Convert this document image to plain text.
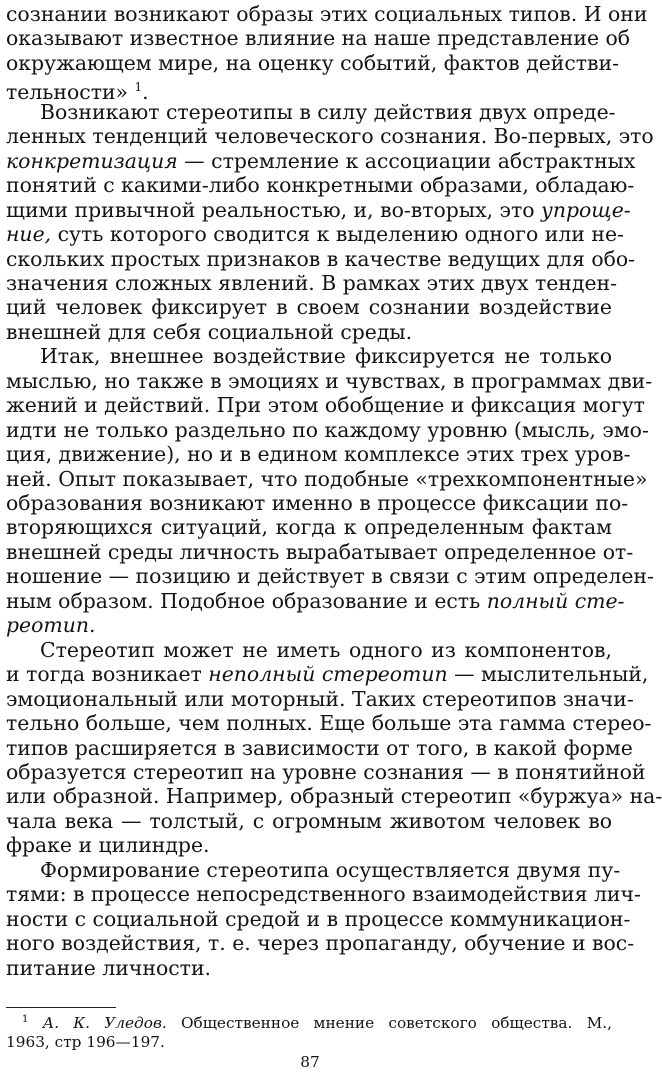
сознании возникают образы этих социальных типов. И они
оказывают известное влияние на наше представление об
окружающем мире, на оценку событий, фактов действи-
тельности» $^1$.
Возникают стереотипы в силу действия двух опреде-
ленных тенденций человеческого сознания. Во-первых, это
конкретизация — стремление к ассоциации абстрактных
понятий с какими-либо конкретными образами, обладаю-
щими привычной реальностью, и, во-вторых, это упроще-
ние, суть которого сводится к выделению одного или не-
скольких простых признаков в качестве ведущих для обо-
значения сложных явлений. В рамках этих двух тенден-
ций человек фиксирует в своем сознании воздействие
внешней для себя социальной среды.
Итак, внешнее воздействие фиксируется не только
мыслью, но также в эмоциях и чувствах, в программах дви-
жений и действий. При этом обобщение и фиксация могут
идти не только раздельно по каждому уровню (мысль, эмо-
ция, движение), но и в едином комплексе этих трех уров-
ней. Опыт показывает, что подобные «трехкомпонентные»
образования возникают именно в процессе фиксации по-
вторяющихся ситуаций, когда к определенным фактам
внешней среды личность вырабатывает определенное от-
ношение — позицию и действует в связи с этим определен-
ным образом. Подобное образование и есть полный сте-
реотип.
Стереотип может не иметь одного из компонентов,
и тогда возникает неполный стереотип — мыслительный,
эмоциональный или моторный. Таких стереотипов значи-
тельно больше, чем полных. Еще больше эта гамма стерео-
типов расширяется в зависимости от того, в какой форме
образуется стереотип на уровне сознания — в понятийной
или образной. Например, образный стереотип «буржуа» на-
чала века — толстый, с огромным животом человек во
фраке и цилиндре.
Формирование стереотипа осуществляется двумя пу-
тями: в процессе непосредственного взаимодействия лич-
ности с социальной средой и в процессе коммуникацион-
ного воздействия, т. е. через пропаганду, обучение и вос-
питание личности.
$^1$ А. К. Уледов. Общественное мнение советского общества. М.,
1963, стр 196—197.
87
